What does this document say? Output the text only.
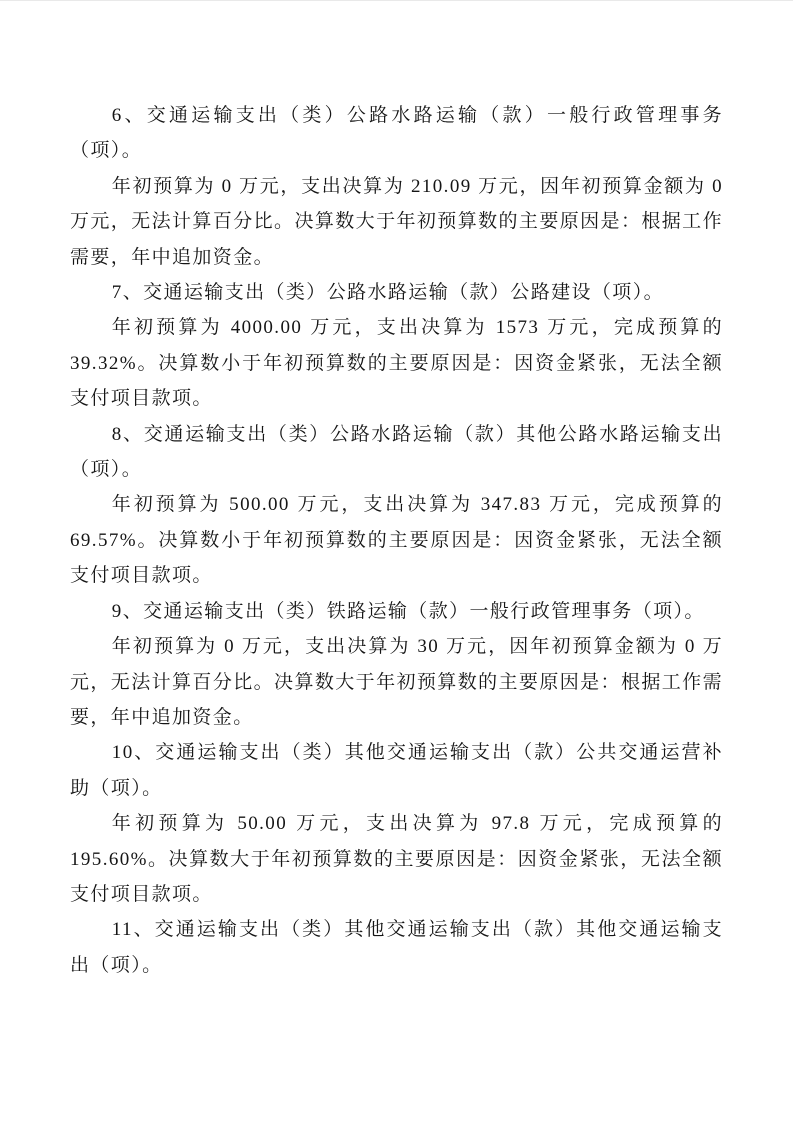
6、交通运输支出（类）公路水路运输（款）一般行政管理事务（项）。

年初预算为 0 万元，支出决算为 210.09 万元，因年初预算金额为 0 万元，无法计算百分比。决算数大于年初预算数的主要原因是：根据工作需要，年中追加资金。

7、交通运输支出（类）公路水路运输（款）公路建设（项）。

年初预算为 4000.00 万元，支出决算为 1573 万元，完成预算的 39.32%。决算数小于年初预算数的主要原因是：因资金紧张，无法全额支付项目款项。

8、交通运输支出（类）公路水路运输（款）其他公路水路运输支出（项）。

年初预算为 500.00 万元，支出决算为 347.83 万元，完成预算的 69.57%。决算数小于年初预算数的主要原因是：因资金紧张，无法全额支付项目款项。

9、交通运输支出（类）铁路运输（款）一般行政管理事务（项）。

年初预算为 0 万元，支出决算为 30 万元，因年初预算金额为 0 万元，无法计算百分比。决算数大于年初预算数的主要原因是：根据工作需要，年中追加资金。

10、交通运输支出（类）其他交通运输支出（款）公共交通运营补助（项）。

年初预算为 50.00 万元，支出决算为 97.8 万元，完成预算的 195.60%。决算数大于年初预算数的主要原因是：因资金紧张，无法全额支付项目款项。

11、交通运输支出（类）其他交通运输支出（款）其他交通运输支出（项）。
